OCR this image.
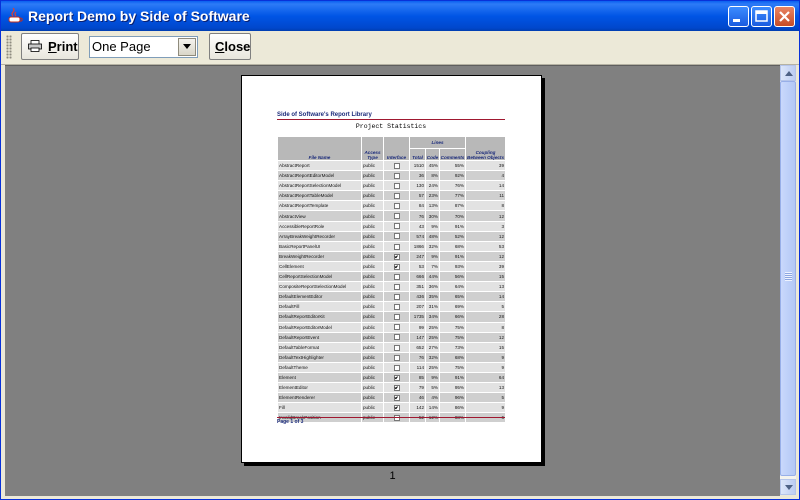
Report Demo by Side of Software
Print One Page	Close
Side of Software's Report Library
Project Statistics
File Name	Access Type	Interface	Lines			Coupling Between Objects
			Total	Code	Comments	
AbstractReport	public		1510	45%	55%	39
AbstractReportEditorModel	public		36	8%	92%	4
AbstractReportSelectionModel	public		130	24%	76%	14
AbstractReportTableModel	public		57	23%	77%	11
AbstractReportTemplate	public		84	13%	87%	8
AbstractView	public		76	30%	70%	12
AccessibleReportRole	public		43	9%	91%	3
ArrayBreakWeightRecorder	public		574	48%	52%	12
BasicReportPanelUI	public		1866	32%	68%	53
BreakWeightRecorder	public		247	9%	91%	12
CellElement	public		53	7%	93%	39
CellReportSelectionModel	public		666	44%	56%	15
CompositeReportSelectionModel	public		351	36%	64%	13
DefaultElementEditor	public		436	35%	65%	14
DefaultFill	public		207	31%	69%	5
DefaultReportEditorKit	public		1735	34%	66%	28
DefaultReportEditorModel	public		99	25%	75%	8
DefaultReportEvent	public		147	25%	75%	12
DefaultTableFormat	public		652	27%	73%	15
DefaultTextHighlighter	public		76	32%	68%	9
DefaultTheme	public		114	25%	75%	9
Element	public		85	9%	91%	64
ElementEditor	public		79	5%	95%	13
ElementRenderer	public		46	4%	96%	5
Fill	public		142	14%	86%	9

Page 1 of 3
1
